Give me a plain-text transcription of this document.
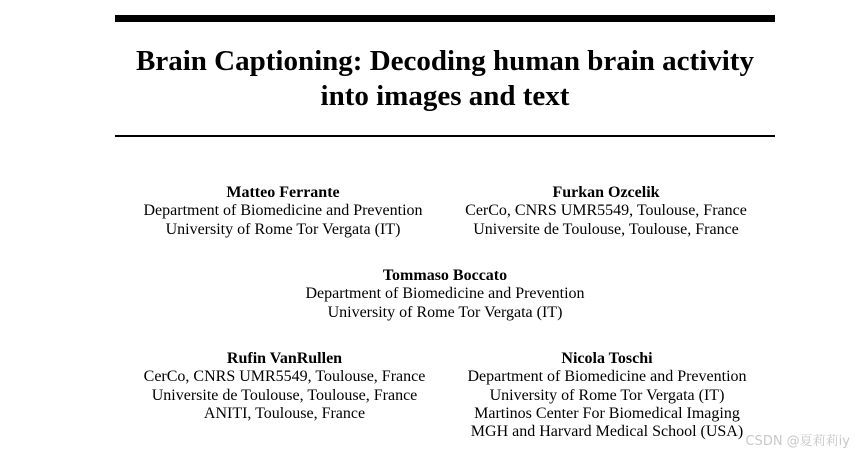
Brain Captioning: Decoding human brain activity
into images and text
Matteo Ferrante
Department of Biomedicine and Prevention
University of Rome Tor Vergata (IT)
Furkan Ozcelik
CerCo, CNRS UMR5549, Toulouse, France
Universite de Toulouse, Toulouse, France
Tommaso Boccato
Department of Biomedicine and Prevention
University of Rome Tor Vergata (IT)
Rufin VanRullen
CerCo, CNRS UMR5549, Toulouse, France
Universite de Toulouse, Toulouse, France
ANITI, Toulouse, France
Nicola Toschi
Department of Biomedicine and Prevention
University of Rome Tor Vergata (IT)
Martinos Center For Biomedical Imaging
MGH and Harvard Medical School (USA)
CSDN @夏莉莉iy
